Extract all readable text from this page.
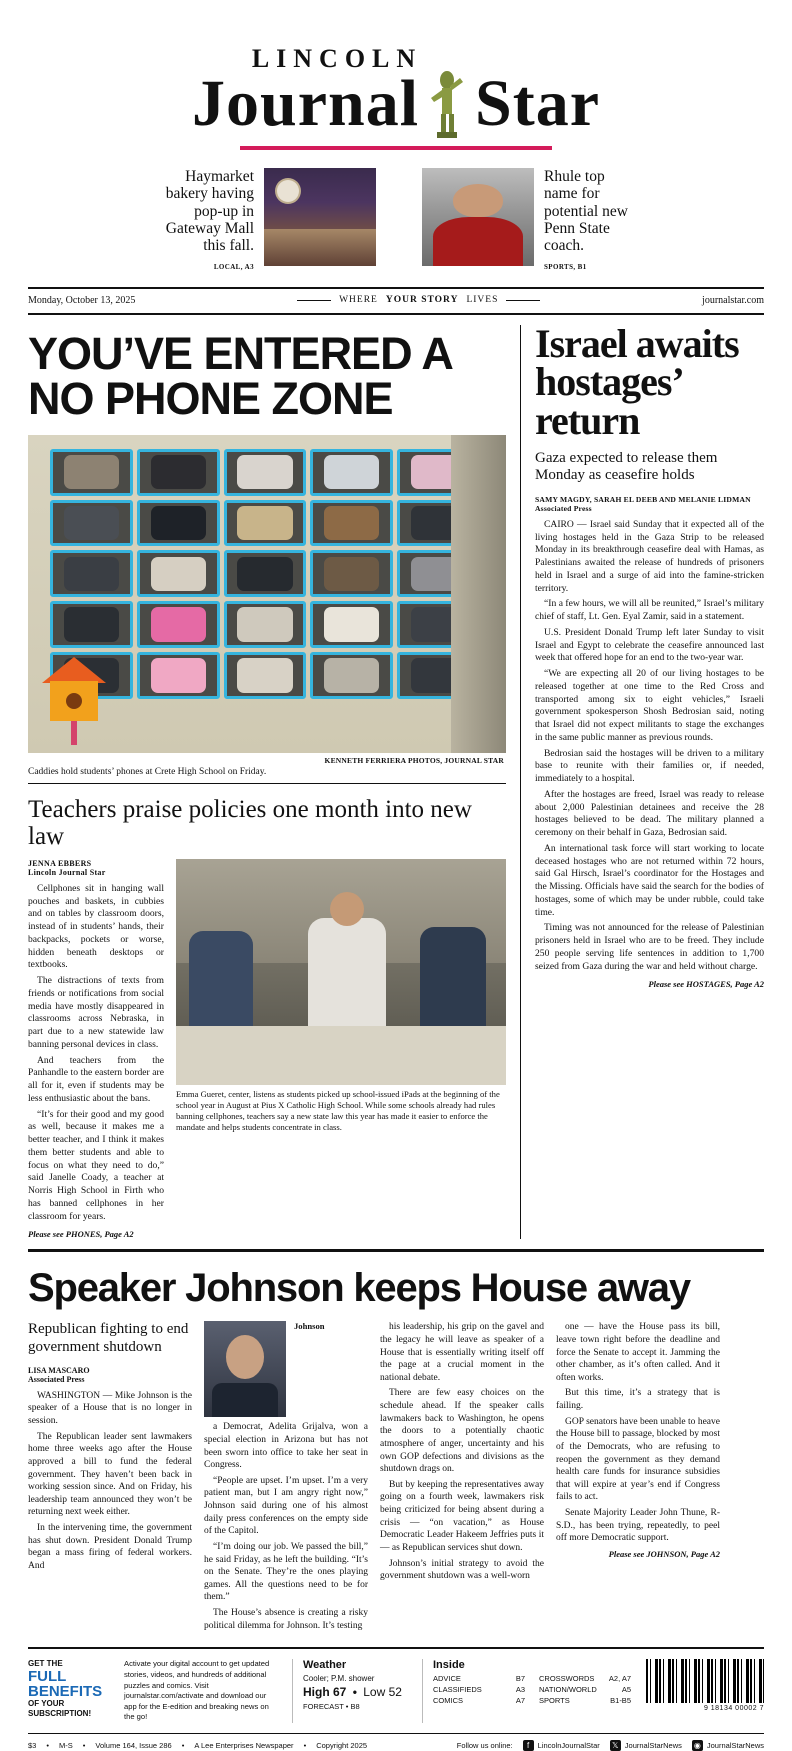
LINCOLN
Journal Star
Haymarket bakery having pop-up in Gateway Mall this fall.
LOCAL, A3
Rhule top name for potential new Penn State coach.
SPORTS, B1
Monday, October 13, 2025	WHERE YOUR STORY LIVES	journalstar.com
YOU’VE ENTERED A NO PHONE ZONE
KENNETH FERRIERA PHOTOS, JOURNAL STAR
Caddies hold students’ phones at Crete High School on Friday.
Teachers praise policies one month into new law
JENNA EBBERS
Lincoln Journal Star

Cellphones sit in hanging wall pouches and baskets, in cubbies and on tables by classroom doors, instead of in students’ hands, their backpacks, pockets or worse, hidden beneath desktops or textbooks.

The distractions of texts from friends or notifications from social media have mostly disappeared in classrooms across Nebraska, in part due to a new statewide law banning personal devices in class.

And teachers from the Panhandle to the eastern border are all for it, even if students may be less enthusiastic about the bans.

“It’s for their good and my good as well, because it makes me a better teacher, and I think it makes them better students and able to focus on what they need to do,” said Janelle Coady, a teacher at Norris High School in Firth who has banned cellphones in her classroom for years.

Please see PHONES, Page A2
Emma Gueret, center, listens as students picked up school-issued iPads at the beginning of the school year in August at Pius X Catholic High School. While some schools already had rules banning cellphones, teachers say a new state law this year has made it easier to enforce the mandate and helps students concentrate in class.
Israel awaits hostages’ return
Gaza expected to release them Monday as ceasefire holds
SAMY MAGDY, SARAH EL DEEB AND MELANIE LIDMAN
Associated Press

CAIRO — Israel said Sunday that it expected all of the living hostages held in the Gaza Strip to be released Monday in its breakthrough ceasefire deal with Hamas, as Palestinians awaited the release of hundreds of prisoners held in Israel and a surge of aid into the famine-stricken territory.

“In a few hours, we will all be reunited,” Israel’s military chief of staff, Lt. Gen. Eyal Zamir, said in a statement.

U.S. President Donald Trump left later Sunday to visit Israel and Egypt to celebrate the ceasefire announced last week that offered hope for an end to the two-year war.

“We are expecting all 20 of our living hostages to be released together at one time to the Red Cross and transported among six to eight vehicles,” Israeli government spokesperson Shosh Bedrosian said, noting that Israel did not expect militants to stage the exchanges in the same public manner as previous rounds.

Bedrosian said the hostages will be driven to a military base to reunite with their families or, if needed, immediately to a hospital.

After the hostages are freed, Israel was ready to release about 2,000 Palestinian detainees and receive the 28 hostages believed to be dead. The military planned a ceremony on their behalf in Gaza, Bedrosian said.

An international task force will start working to locate deceased hostages who are not returned within 72 hours, said Gal Hirsch, Israel’s coordinator for the Hostages and the Missing. Officials have said the search for the bodies of hostages, some of which may be under rubble, could take time.

Timing was not announced for the release of Palestinian prisoners held in Israel who are to be freed. They include 250 people serving life sentences in addition to 1,700 seized from Gaza during the war and held without charge.

Please see HOSTAGES, Page A2
Speaker Johnson keeps House away
Republican fighting to end government shutdown
LISA MASCARO
Associated Press

WASHINGTON — Mike Johnson is the speaker of a House that is no longer in session.

The Republican leader sent lawmakers home three weeks ago after the House approved a bill to fund the federal government. They haven’t been back in working session since. And on Friday, his leadership team announced they won’t be returning next week either.

In the intervening time, the government has shut down. President Donald Trump began a mass firing of federal workers. And

Johnson

a Democrat, Adelita Grijalva, won a special election in Arizona but has not been sworn into office to take her seat in Congress.

“People are upset. I’m upset. I’m a very patient man, but I am angry right now,” Johnson said during one of his almost daily press conferences on the empty side of the Capitol.

“I’m doing our job. We passed the bill,” he said Friday, as he left the building. “It’s on the Senate. They’re the ones playing games. All the questions need to be for them.”

The House’s absence is creating a risky political dilemma for Johnson. It’s testing

his leadership, his grip on the gavel and the legacy he will leave as speaker of a House that is essentially writing itself off the page at a crucial moment in the national debate.

There are few easy choices on the schedule ahead. If the speaker calls lawmakers back to Washington, he opens the doors to a potentially chaotic atmosphere of anger, uncertainty and his own GOP defections and divisions as the shutdown drags on.

But by keeping the representatives away going on a fourth week, lawmakers risk being criticized for being absent during a crisis — “on vacation,” as House Democratic Leader Hakeem Jeffries puts it — as Republican services shut down.

Johnson’s initial strategy to avoid the government shutdown was a well-worn

one — have the House pass its bill, leave town right before the deadline and force the Senate to accept it. Jamming the other chamber, as it’s often called. And it often works.

But this time, it’s a strategy that is failing.

GOP senators have been unable to heave the House bill to passage, blocked by most of the Democrats, who are refusing to reopen the government as they demand health care funds for insurance subsidies that will expire at year’s end if Congress fails to act.

Senate Majority Leader John Thune, R-S.D., has been trying, repeatedly, to peel off more Democratic support.

Please see JOHNSON, Page A2
GET THE
FULL BENEFITS
OF YOUR SUBSCRIPTION!
Activate your digital account to get updated stories, videos, and hundreds of additional puzzles and comics. Visit journalstar.com/activate and download our app for the E-edition and breaking news on the go!
Weather
Cooler; P.M. shower
High 67 • Low 52
FORECAST • B8
Inside
ADVICE	B7
CLASSIFIEDS	A3
COMICS	A7
CROSSWORDS A2, A7
NATION/WORLD	A5
SPORTS	B1-B5
9 18134 00002 7
$3 • M-S • Volume 164, Issue 286 • A Lee Enterprises Newspaper • Copyright 2025	Follow us online:	f	LincolnJournalStar 𝕏 JournalStarNews ◉ JournalStarNews
